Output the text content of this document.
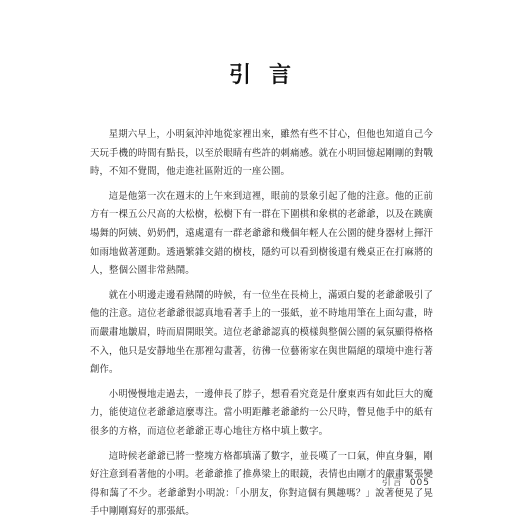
引言

星期六早上，小明氣沖沖地從家裡出來，雖然有些不甘心，但他也知道自己今天玩手機的時間有點長，以至於眼睛有些許的刺痛感。就在小明回憶起剛剛的對戰時，不知不覺間，他走進社區附近的一座公園。

這是他第一次在週末的上午來到這裡，眼前的景象引起了他的注意。他的正前方有一棵五公尺高的大松樹，松樹下有一群在下圍棋和象棋的老爺爺，以及在跳廣場舞的阿姨、奶奶們，遠處還有一群老爺爺和幾個年輕人在公園的健身器材上揮汗如雨地做著運動。透過繁雜交錯的樹枝，隱約可以看到樹後還有幾桌正在打麻將的人，整個公園非常熱鬧。

就在小明邊走邊看熱鬧的時候，有一位坐在長椅上，滿頭白髮的老爺爺吸引了他的注意。這位老爺爺很認真地看著手上的一張紙，並不時地用筆在上面勾畫，時而嚴肅地皺眉，時而眉開眼笑。這位老爺爺認真的模樣與整個公園的氣氛顯得格格不入，他只是安靜地坐在那裡勾畫著，彷彿一位藝術家在與世隔絕的環境中進行著創作。

小明慢慢地走過去，一邊伸長了脖子，想看看究竟是什麼東西有如此巨大的魔力，能使這位老爺爺這麼專注。當小明距離老爺爺約一公尺時，瞥見他手中的紙有很多的方格，而這位老爺爺正專心地往方格中填上數字。

這時候老爺爺已將一整塊方格都填滿了數字，並長嘆了一口氣，伸直身軀，剛好注意到看著他的小明。老爺爺推了推鼻梁上的眼鏡，表情也由剛才的嚴肅緊張變得和藹了不少。老爺爺對小明說：「小朋友，你對這個有興趣嗎？」說著便晃了晃手中剛剛寫好的那張紙。

引言 005
